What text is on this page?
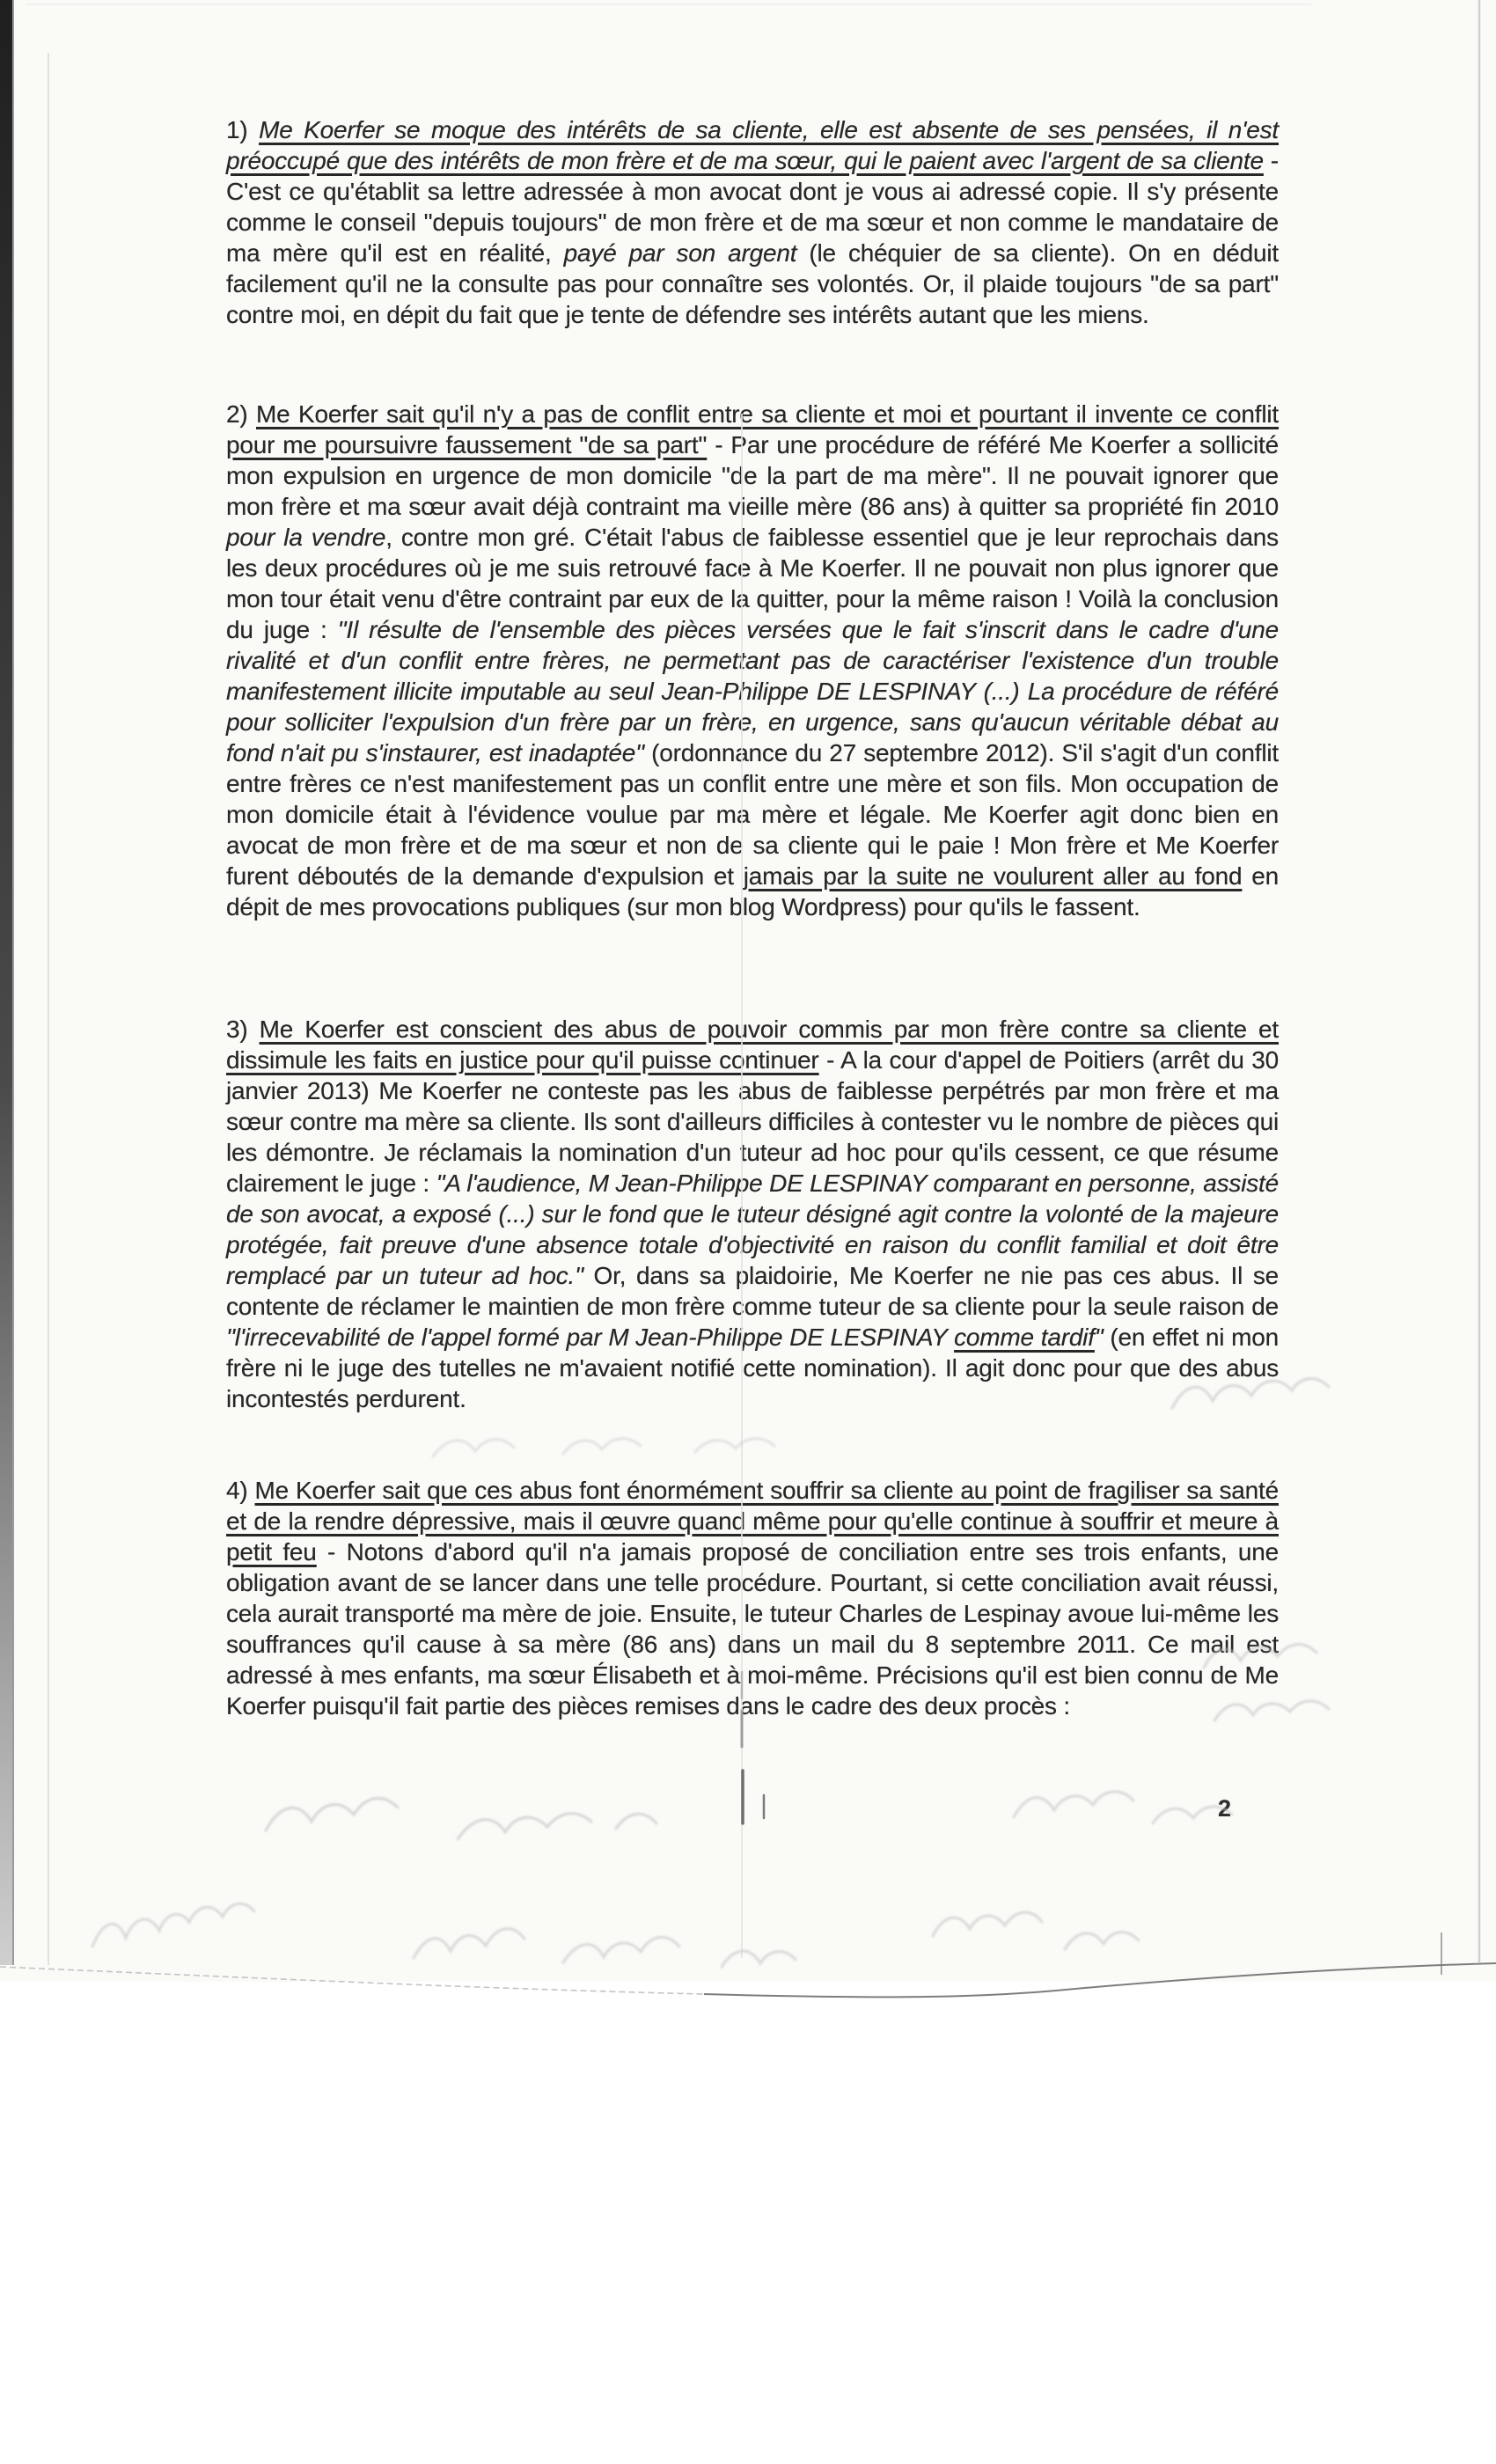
1) Me Koerfer se moque des intérêts de sa cliente, elle est absente de ses pensées, il n'est préoccupé que des intérêts de mon frère et de ma sœur, qui le paient avec l'argent de sa cliente - C'est ce qu'établit sa lettre adressée à mon avocat dont je vous ai adressé copie. Il s'y présente comme le conseil "depuis toujours" de mon frère et de ma sœur et non comme le mandataire de ma mère qu'il est en réalité, payé par son argent (le chéquier de sa cliente). On en déduit facilement qu'il ne la consulte pas pour connaître ses volontés. Or, il plaide toujours "de sa part" contre moi, en dépit du fait que je tente de défendre ses intérêts autant que les miens.

2) Me Koerfer sait qu'il n'y a pas de conflit entre sa cliente et moi et pourtant il invente ce conflit pour me poursuivre faussement "de sa part" - Par une procédure de référé Me Koerfer a sollicité mon expulsion en urgence de mon domicile "de la part de ma mère". Il ne pouvait ignorer que mon frère et ma sœur avait déjà contraint ma vieille mère (86 ans) à quitter sa propriété fin 2010 pour la vendre, contre mon gré. C'était l'abus de faiblesse essentiel que je leur reprochais dans les deux procédures où je me suis retrouvé face à Me Koerfer. Il ne pouvait non plus ignorer que mon tour était venu d'être contraint par eux de la quitter, pour la même raison ! Voilà la conclusion du juge : "Il résulte de l'ensemble des pièces versées que le fait s'inscrit dans le cadre d'une rivalité et d'un conflit entre frères, ne permettant pas de caractériser l'existence d'un trouble manifestement illicite imputable au seul Jean-Philippe DE LESPINAY (...) La procédure de référé pour solliciter l'expulsion d'un frère par un frère, en urgence, sans qu'aucun véritable débat au fond n'ait pu s'instaurer, est inadaptée" (ordonnance du 27 septembre 2012). S'il s'agit d'un conflit entre frères ce n'est manifestement pas un conflit entre une mère et son fils. Mon occupation de mon domicile était à l'évidence voulue par ma mère et légale. Me Koerfer agit donc bien en avocat de mon frère et de ma sœur et non de sa cliente qui le paie ! Mon frère et Me Koerfer furent déboutés de la demande d'expulsion et jamais par la suite ne voulurent aller au fond en dépit de mes provocations publiques (sur mon blog Wordpress) pour qu'ils le fassent.

3) Me Koerfer est conscient des abus de pouvoir commis par mon frère contre sa cliente et dissimule les faits en justice pour qu'il puisse continuer - A la cour d'appel de Poitiers (arrêt du 30 janvier 2013) Me Koerfer ne conteste pas les abus de faiblesse perpétrés par mon frère et ma sœur contre ma mère sa cliente. Ils sont d'ailleurs difficiles à contester vu le nombre de pièces qui les démontre. Je réclamais la nomination d'un tuteur ad hoc pour qu'ils cessent, ce que résume clairement le juge : "A l'audience, M Jean-Philippe DE LESPINAY comparant en personne, assisté de son avocat, a exposé (...) sur le fond que le tuteur désigné agit contre la volonté de la majeure protégée, fait preuve d'une absence totale d'objectivité en raison du conflit familial et doit être remplacé par un tuteur ad hoc." Or, dans sa plaidoirie, Me Koerfer ne nie pas ces abus. Il se contente de réclamer le maintien de mon frère comme tuteur de sa cliente pour la seule raison de "l'irrecevabilité de l'appel formé par M Jean-Philippe DE LESPINAY comme tardif" (en effet ni mon frère ni le juge des tutelles ne m'avaient notifié cette nomination). Il agit donc pour que des abus incontestés perdurent.

4) Me Koerfer sait que ces abus font énormément souffrir sa cliente au point de fragiliser sa santé et de la rendre dépressive, mais il œuvre quand même pour qu'elle continue à souffrir et meure à petit feu - Notons d'abord qu'il n'a jamais proposé de conciliation entre ses trois enfants, une obligation avant de se lancer dans une telle procédure. Pourtant, si cette conciliation avait réussi, cela aurait transporté ma mère de joie. Ensuite, le tuteur Charles de Lespinay avoue lui-même les souffrances qu'il cause à sa mère (86 ans) dans un mail du 8 septembre 2011. Ce mail est adressé à mes enfants, ma sœur Élisabeth et à moi-même. Précisions qu'il est bien connu de Me Koerfer puisqu'il fait partie des pièces remises dans le cadre des deux procès :

2
